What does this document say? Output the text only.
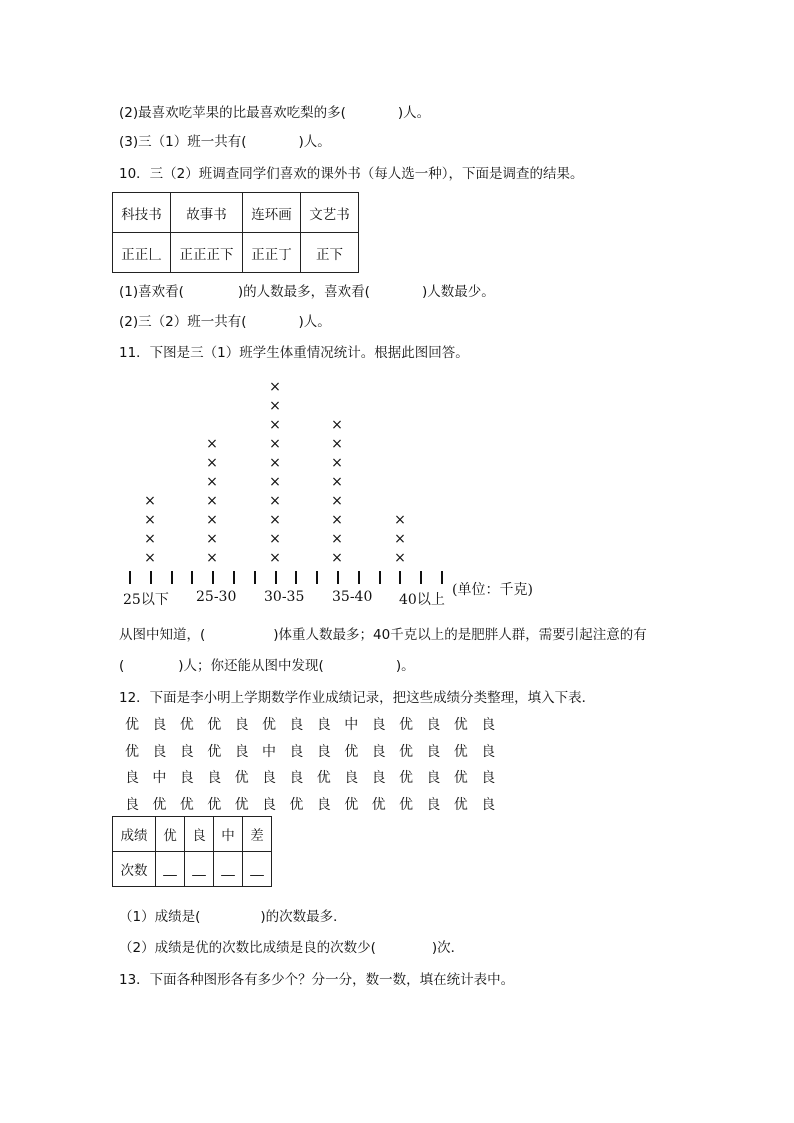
(2)最喜欢吃苹果的比最喜欢吃梨的多(	)人。
(3)三（1）班一共有(	)人。
10．三（2）班调查同学们喜欢的课外书（每人选一种），下面是调查的结果。
科技书	故事书	连环画	文艺书
正正𠃊	正正正下	正正丁	正下
(1)喜欢看(	)的人数最多，喜欢看(	)人数最少。
(2)三（2）班一共有(	)人。
11．下图是三（1）班学生体重情况统计。根据此图回答。
25以下 25-30 30-35 35-40 40以上
(单位：千克)
×
×
×
×
×
×
×
×
×
×
×
×
×
×
×
×
×
×
×
×
×
×
×
×
×
×
×
×
×
×
×
×
从图中知道，(	)体重人数最多；40千克以上的是肥胖人群，需要引起注意的有
(	)人；你还能从图中发现(	)。
12．下面是李小明上学期数学作业成绩记录，把这些成绩分类整理，填入下表．
优 良 优 优 良 优 良 良 中 良 优 良 优 良
优 良 良 优 良 中 良 良 优 良 优 良 优 良
良 中 良 良 优 良 良 优 良 良 优 良 优 良
良 优 优 优 优 良 优 良 优 优 优 良 优 良
成绩	优	良	中	差
次数	__	__	__	__
（1）成绩是(	)的次数最多．
（2）成绩是优的次数比成绩是良的次数少(	)次．
13．下面各种图形各有多少个？分一分，数一数，填在统计表中。
